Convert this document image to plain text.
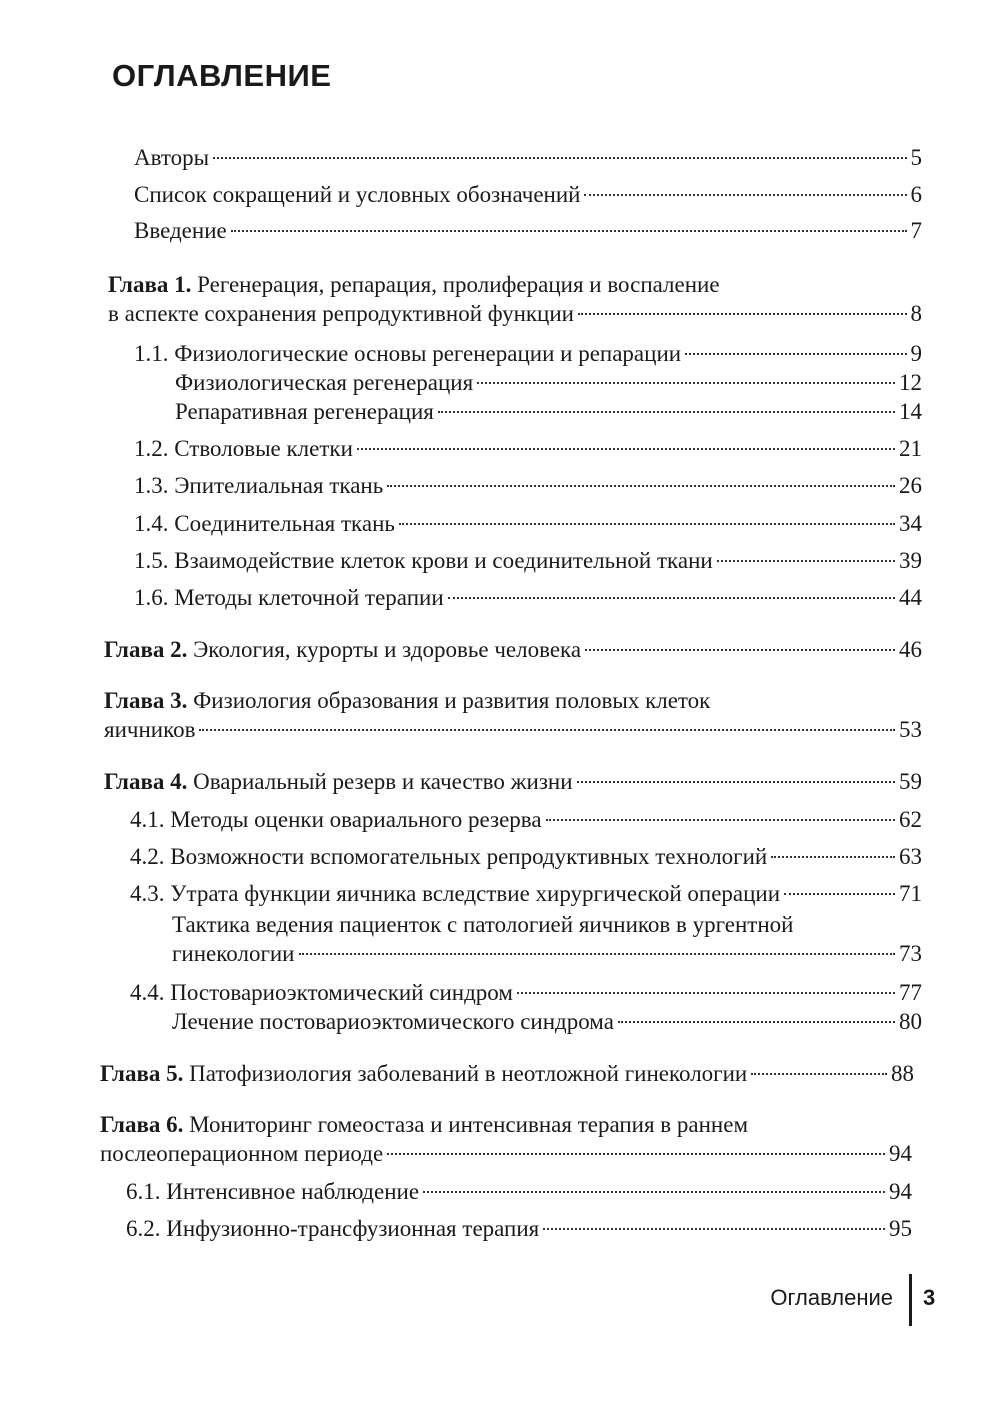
ОГЛАВЛЕНИЕ
Авторы	5
Список сокращений и условных обозначений	6
Введение	7
Глава 1. Регенерация, репарация, пролиферация и воспаление
в аспекте сохранения репродуктивной функции	8
1.1. Физиологические основы регенерации и репарации	9
Физиологическая регенерация	12
Репаративная регенерация	14
1.2. Стволовые клетки	21
1.3. Эпителиальная ткань	26
1.4. Соединительная ткань	34
1.5. Взаимодействие клеток крови и соединительной ткани	39
1.6. Методы клеточной терапии	44
Глава 2. Экология, курорты и здоровье человека	46
Глава 3. Физиология образования и развития половых клеток
яичников	53
Глава 4. Овариальный резерв и качество жизни	59
4.1. Методы оценки овариального резерва	62
4.2. Возможности вспомогательных репродуктивных технологий	63
4.3. Утрата функции яичника вследствие хирургической операции	71
Тактика ведения пациенток с патологией яичников в ургентной
гинекологии	73
4.4. Постовариоэктомический синдром	77
Лечение постовариоэктомического синдрома	80
Глава 5. Патофизиология заболеваний в неотложной гинекологии	88
Глава 6. Мониторинг гомеостаза и интенсивная терапия в раннем
послеоперационном периоде	94
6.1. Интенсивное наблюдение	94
6.2. Инфузионно-трансфузионная терапия	95
Оглавление 3
